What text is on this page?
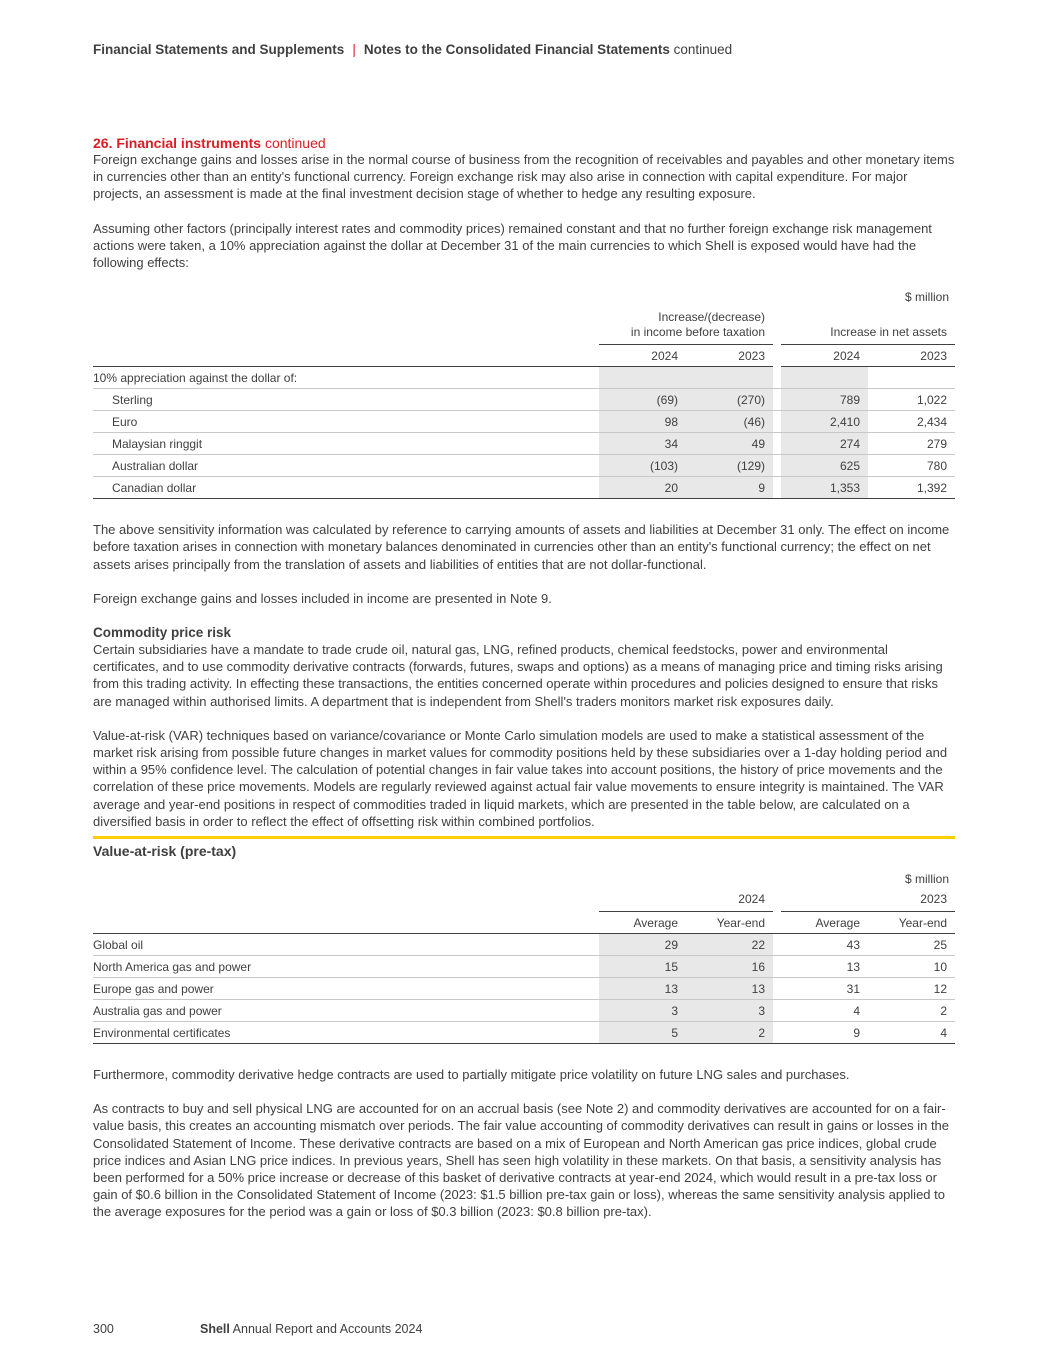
Financial Statements and Supplements | Notes to the Consolidated Financial Statements continued
26. Financial instruments continued

Foreign exchange gains and losses arise in the normal course of business from the recognition of receivables and payables and other monetary items in currencies other than an entity's functional currency. Foreign exchange risk may also arise in connection with capital expenditure. For major projects, an assessment is made at the final investment decision stage of whether to hedge any resulting exposure.

Assuming other factors (principally interest rates and commodity prices) remained constant and that no further foreign exchange risk management actions were taken, a 10% appreciation against the dollar at December 31 of the main currencies to which Shell is exposed would have had the following effects:

$ million
	Increase/(decrease)
in income before taxation			Increase in net assets	
	2024	2023		2024	2023
10% appreciation against the dollar of:					
Sterling	(69)	(270)		789	1,022
Euro	98	(46)		2,410	2,434
Malaysian ringgit	34	49		274	279
Australian dollar	(103)	(129)		625	780
Canadian dollar	20	9		1,353	1,392

The above sensitivity information was calculated by reference to carrying amounts of assets and liabilities at December 31 only. The effect on income before taxation arises in connection with monetary balances denominated in currencies other than an entity's functional currency; the effect on net assets arises principally from the translation of assets and liabilities of entities that are not dollar-functional.

Foreign exchange gains and losses included in income are presented in Note 9.

Commodity price risk

Certain subsidiaries have a mandate to trade crude oil, natural gas, LNG, refined products, chemical feedstocks, power and environmental certificates, and to use commodity derivative contracts (forwards, futures, swaps and options) as a means of managing price and timing risks arising from this trading activity. In effecting these transactions, the entities concerned operate within procedures and policies designed to ensure that risks are managed within authorised limits. A department that is independent from Shell's traders monitors market risk exposures daily.

Value-at-risk (VAR) techniques based on variance/covariance or Monte Carlo simulation models are used to make a statistical assessment of the market risk arising from possible future changes in market values for commodity positions held by these subsidiaries over a 1-day holding period and within a 95% confidence level. The calculation of potential changes in fair value takes into account positions, the history of price movements and the correlation of these price movements. Models are regularly reviewed against actual fair value movements to ensure integrity is maintained. The VAR average and year-end positions in respect of commodities traded in liquid markets, which are presented in the table below, are calculated on a diversified basis in order to reflect the effect of offsetting risk within combined portfolios.

Value-at-risk (pre-tax)
$ million
	2024			2023	
	Average	Year-end		Average	Year-end
Global oil	29	22		43	25
North America gas and power	15	16		13	10
Europe gas and power	13	13		31	12
Australia gas and power	3	3		4	2
Environmental certificates	5	2		9	4

Furthermore, commodity derivative hedge contracts are used to partially mitigate price volatility on future LNG sales and purchases.

As contracts to buy and sell physical LNG are accounted for on an accrual basis (see Note 2) and commodity derivatives are accounted for on a fair-value basis, this creates an accounting mismatch over periods. The fair value accounting of commodity derivatives can result in gains or losses in the Consolidated Statement of Income. These derivative contracts are based on a mix of European and North American gas price indices, global crude price indices and Asian LNG price indices. In previous years, Shell has seen high volatility in these markets. On that basis, a sensitivity analysis has been performed for a 50% price increase or decrease of this basket of derivative contracts at year-end 2024, which would result in a pre-tax loss or gain of $0.6 billion in the Consolidated Statement of Income (2023: $1.5 billion pre-tax gain or loss), whereas the same sensitivity analysis applied to the average exposures for the period was a gain or loss of $0.3 billion (2023: $0.8 billion pre-tax).

300	Shell Annual Report and Accounts 2024
